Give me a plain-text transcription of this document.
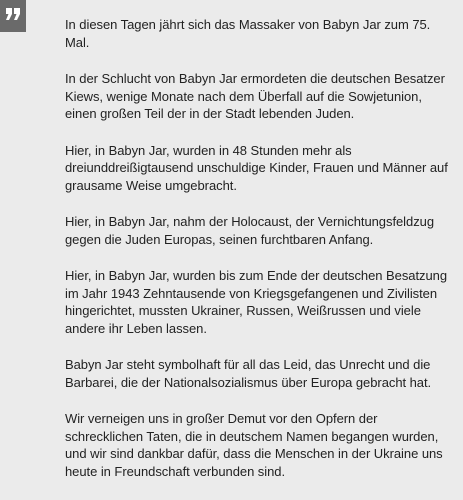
In diesen Tagen jährt sich das Massaker von Babyn Jar zum 75. Mal.

In der Schlucht von Babyn Jar ermordeten die deutschen Besatzer Kiews, wenige Monate nach dem Überfall auf die Sowjetunion, einen großen Teil der in der Stadt lebenden Juden.

Hier, in Babyn Jar, wurden in 48 Stunden mehr als dreiunddreißigtausend unschuldige Kinder, Frauen und Männer auf grausame Weise umgebracht.

Hier, in Babyn Jar, nahm der Holocaust, der Vernichtungsfeldzug gegen die Juden Europas, seinen furchtbaren Anfang.

Hier, in Babyn Jar, wurden bis zum Ende der deutschen Besatzung im Jahr 1943 Zehntausende von Kriegsgefangenen und Zivilisten hingerichtet, mussten Ukrainer, Russen, Weißrussen und viele andere ihr Leben lassen.

Babyn Jar steht symbolhaft für all das Leid, das Unrecht und die Barbarei, die der Nationalsozialismus über Europa gebracht hat.

Wir verneigen uns in großer Demut vor den Opfern der schrecklichen Taten, die in deutschem Namen begangen wurden, und wir sind dankbar dafür, dass die Menschen in der Ukraine uns heute in Freundschaft verbunden sind.
